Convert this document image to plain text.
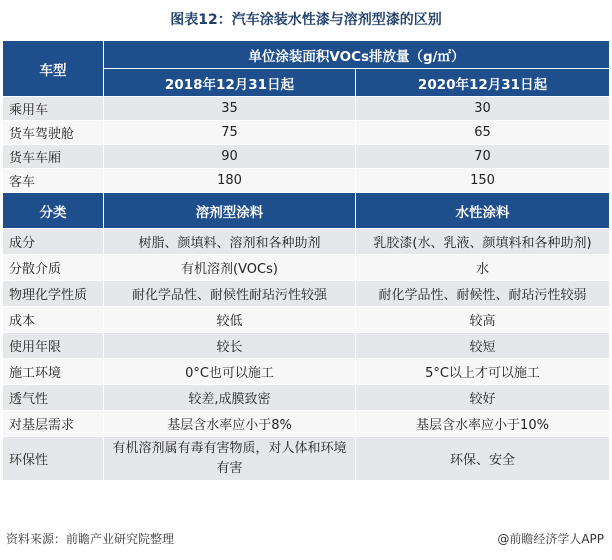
图表12：汽车涂装水性漆与溶剂型漆的区别
车型	单位涂装面积VOCs排放量（g/㎡）	
	2018年12月31日起	2020年12月31日起
乘用车	35	30
货车驾驶舱	75	65
货车车厢	90	70
客车	180	150
分类	溶剂型涂料	水性涂料
成分	树脂、颜填料、溶剂和各种助剂	乳胶漆(水、乳液、颜填料和各种助剂)
分散介质	有机溶剂(VOCs)	水
物理化学性质	耐化学品性、耐候性耐玷污性较强	耐化学品性、耐候性、耐玷污性较弱
成本	较低	较高
使用年限	较长	较短
施工环境	0°C也可以施工	5°C以上才可以施工
透气性	较差,成膜致密	较好
对基层需求	基层含水率应小于8%	基层含水率应小于10%
环保性	有机溶剂属有毒有害物质，对人体和环境有害	环保、安全
资料来源：前瞻产业研究院整理	@前瞻经济学人APP
